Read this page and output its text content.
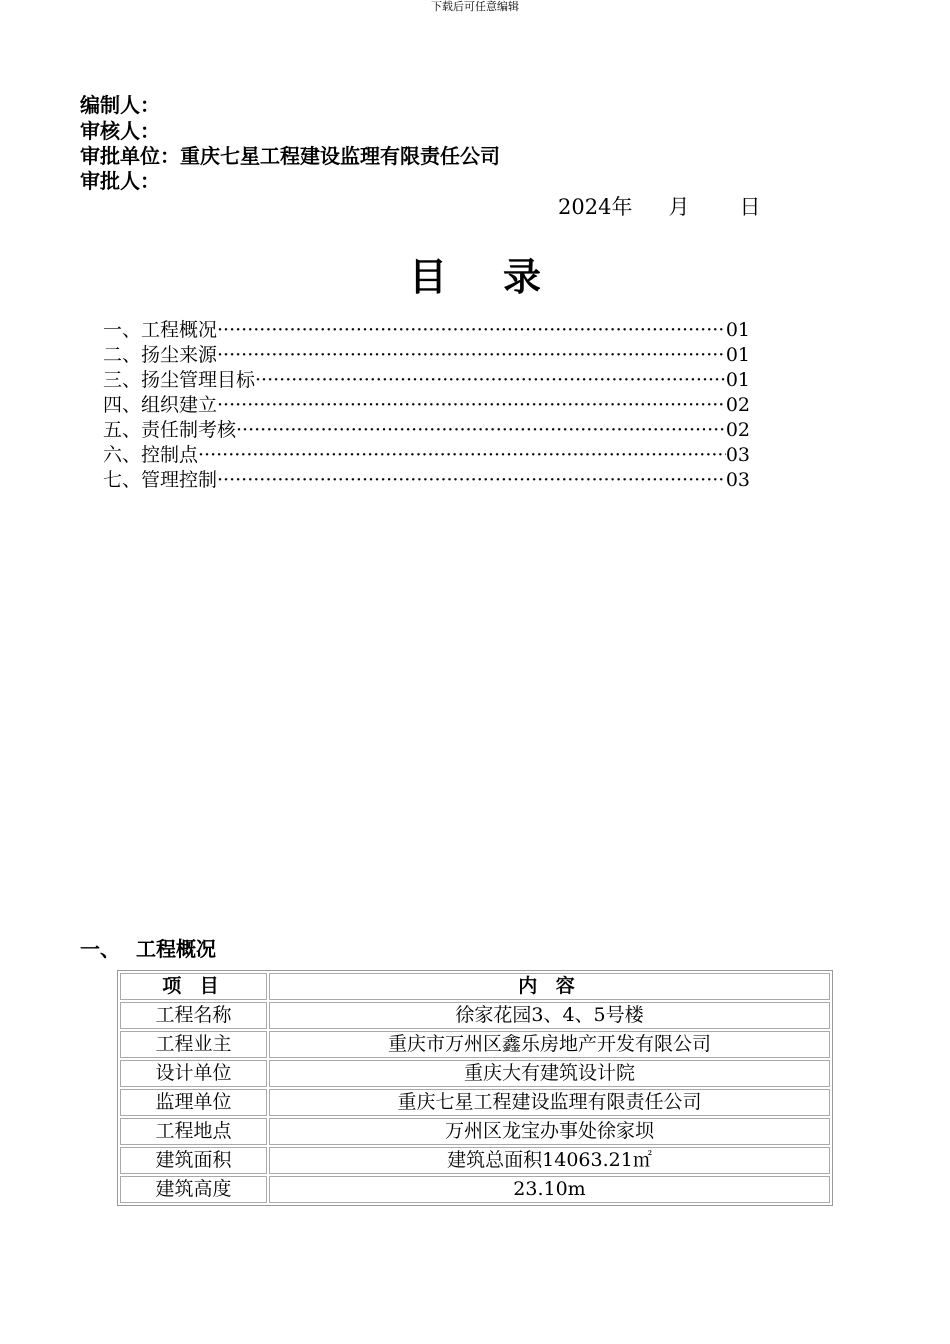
下载后可任意编辑
编制人：
审核人：
审批单位：重庆七星工程建设监理有限责任公司
审批人：
2024年 月 日
目 录
一、工程概况 ·····	01
二、扬尘来源 ·····	01
三、扬尘管理目标 ·····	01
四、组织建立 ·····	02
五、责任制考核 ·····	02
六、控制点 ·····	03
七、管理控制 ·····	03
一、 工程概况
项 目	内 容
工程名称	徐家花园3、4、5号楼
工程业主	重庆市万州区鑫乐房地产开发有限公司
设计单位	重庆大有建筑设计院
监理单位	重庆七星工程建设监理有限责任公司
工程地点	万州区龙宝办事处徐家坝
建筑面积	建筑总面积14063.21㎡
建筑高度	23.10m
